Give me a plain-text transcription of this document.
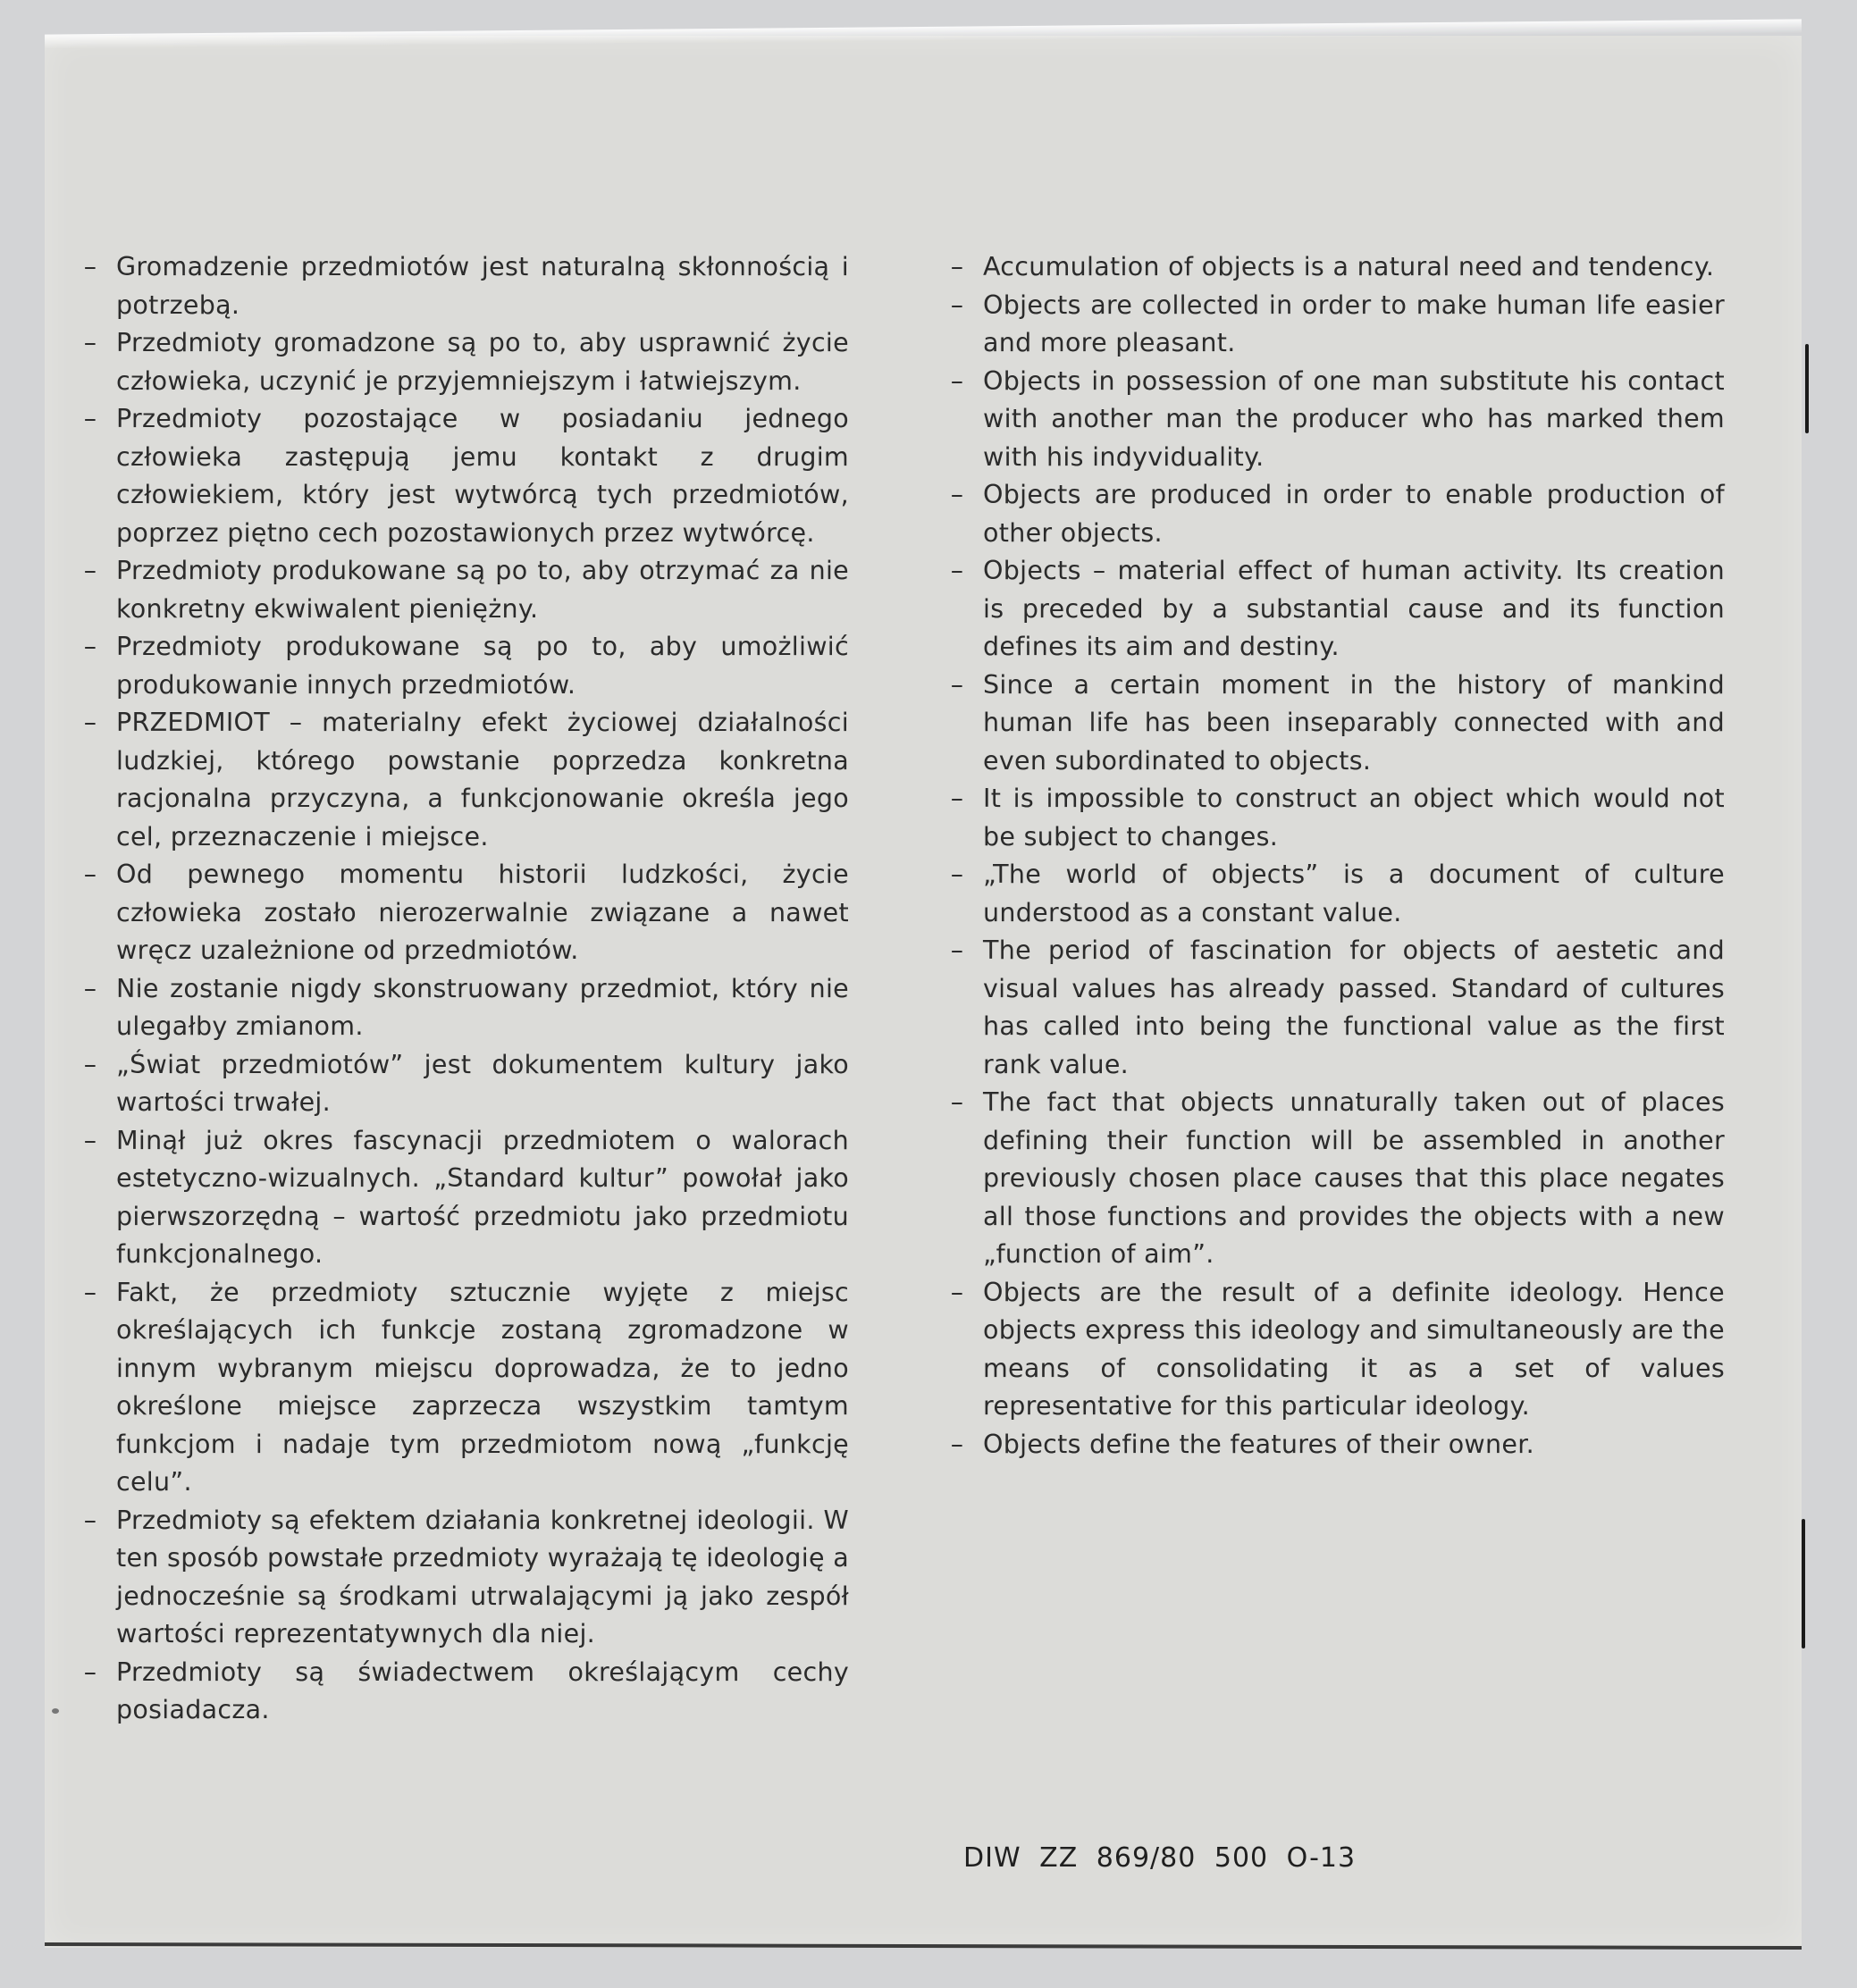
– Gromadzenie przedmiotów jest naturalną skłonnością i potrzebą.

– Przedmioty gromadzone są po to, aby usprawnić życie człowieka, uczynić je przyjemniejszym i łatwiejszym.

– Przedmioty pozostające w posiadaniu jednego człowieka zastępują jemu kontakt z drugim człowiekiem, który jest wytwórcą tych przedmiotów, poprzez piętno cech pozostawionych przez wytwórcę.

– Przedmioty produkowane są po to, aby otrzymać za nie konkretny ekwiwalent pieniężny.

– Przedmioty produkowane są po to, aby umożliwić produkowanie innych przedmiotów.

– PRZEDMIOT – materialny efekt życiowej działalności ludzkiej, którego powstanie poprzedza konkretna racjonalna przyczyna, a funkcjonowanie określa jego cel, przeznaczenie i miejsce.

– Od pewnego momentu historii ludzkości, życie człowieka zostało nierozerwalnie związane a nawet wręcz uzależnione od przedmiotów.

– Nie zostanie nigdy skonstruowany przedmiot, który nie ulegałby zmianom.

– „Świat przedmiotów” jest dokumentem kultury jako wartości trwałej.

– Minął już okres fascynacji przedmiotem o walorach estetyczno-wizualnych. „Standard kultur” powołał jako pierwszorzędną – wartość przedmiotu jako przedmiotu funkcjonalnego.

– Fakt, że przedmioty sztucznie wyjęte z miejsc określających ich funkcje zostaną zgromadzone w innym wybranym miejscu doprowadza, że to jedno określone miejsce zaprzecza wszystkim tamtym funkcjom i nadaje tym przedmiotom nową „funkcję celu”.

– Przedmioty są efektem działania konkretnej ideologii. W ten sposób powstałe przedmioty wyrażają tę ideologię a jednocześnie są środkami utrwalającymi ją jako zespół wartości reprezentatywnych dla niej.

– Przedmioty są świadectwem określającym cechy posiadacza.

– Accumulation of objects is a natural need and tendency.

– Objects are collected in order to make human life easier and more pleasant.

– Objects in possession of one man substitute his contact with another man the producer who has marked them with his indyviduality.

– Objects are produced in order to enable production of other objects.

– Objects – material effect of human activity. Its creation is preceded by a substantial cause and its function defines its aim and destiny.

– Since a certain moment in the history of mankind human life has been inseparably connected with and even subordinated to objects.

– It is impossible to construct an object which would not be subject to changes.

– „The world of objects” is a document of culture understood as a constant value.

– The period of fascination for objects of aestetic and visual values has already passed. Standard of cultures has called into being the functional value as the first rank value.

– The fact that objects unnaturally taken out of places defining their function will be assembled in another previously chosen place causes that this place negates all those functions and provides the objects with a new „function of aim”.

– Objects are the result of a definite ideology. Hence objects express this ideology and simultaneously are the means of consolidating it as a set of values representative for this particular ideology.

– Objects define the features of their owner.

DIW ZZ 869/80 500 O-13
